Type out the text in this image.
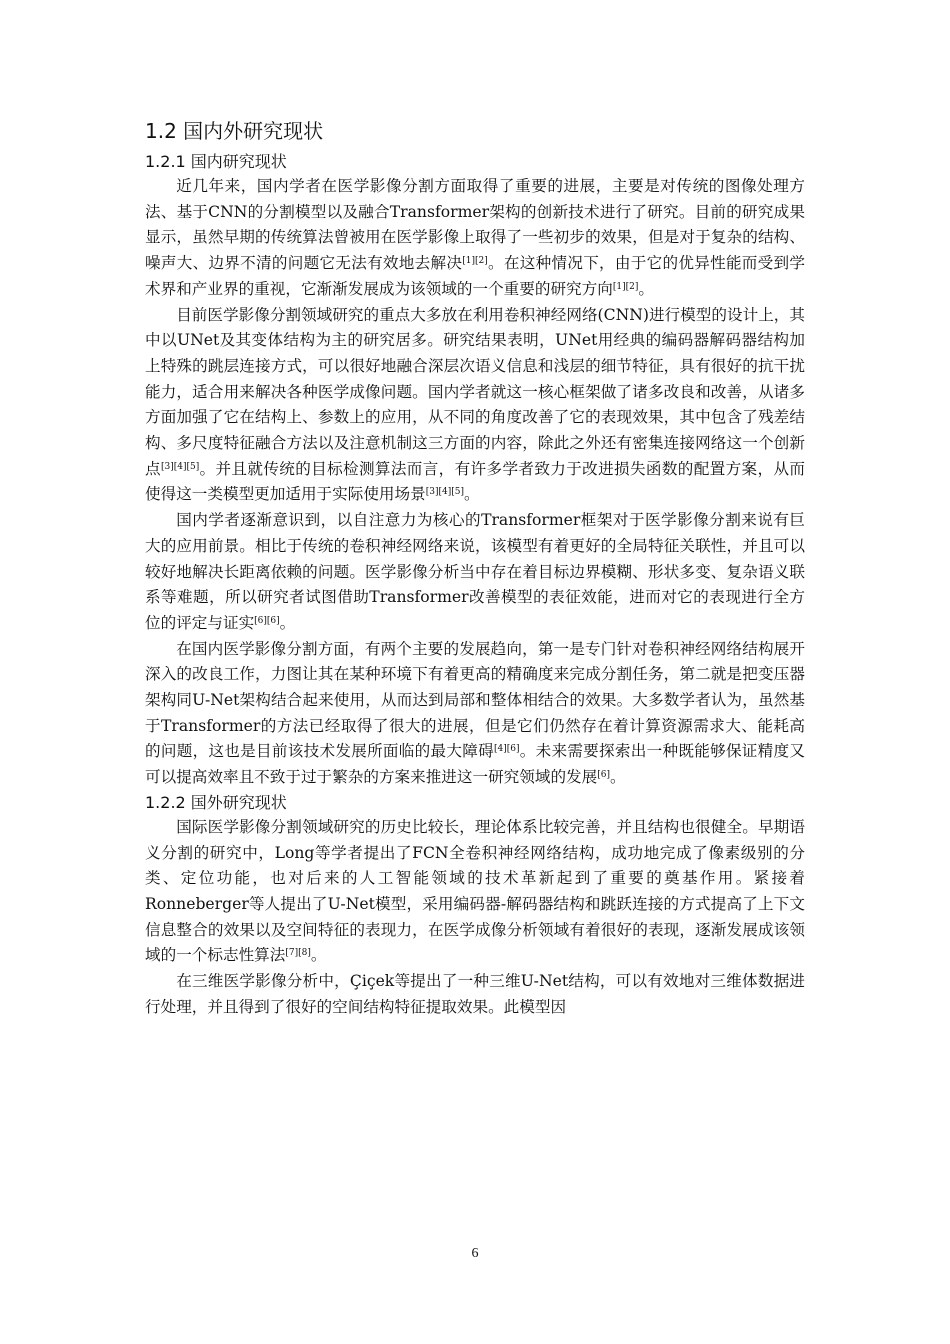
1.2 国内外研究现状
1.2.1 国内研究现状

近几年来，国内学者在医学影像分割方面取得了重要的进展，主要是对传统的图像处理方法、基于CNN的分割模型以及融合Transformer架构的创新技术进行了研究。目前的研究成果显示，虽然早期的传统算法曾被用在医学影像上取得了一些初步的效果，但是对于复杂的结构、噪声大、边界不清的问题它无法有效地去解决[1][2]。在这种情况下，由于它的优异性能而受到学术界和产业界的重视，它渐渐发展成为该领域的一个重要的研究方向[1][2]。

目前医学影像分割领域研究的重点大多放在利用卷积神经网络(CNN)进行模型的设计上，其中以UNet及其变体结构为主的研究居多。研究结果表明，UNet用经典的编码器解码器结构加上特殊的跳层连接方式，可以很好地融合深层次语义信息和浅层的细节特征，具有很好的抗干扰能力，适合用来解决各种医学成像问题。国内学者就这一核心框架做了诸多改良和改善，从诸多方面加强了它在结构上、参数上的应用，从不同的角度改善了它的表现效果，其中包含了残差结构、多尺度特征融合方法以及注意机制这三方面的内容，除此之外还有密集连接网络这一个创新点[3][4][5]。并且就传统的目标检测算法而言，有许多学者致力于改进损失函数的配置方案，从而使得这一类模型更加适用于实际使用场景[3][4][5]。

国内学者逐渐意识到，以自注意力为核心的Transformer框架对于医学影像分割来说有巨大的应用前景。相比于传统的卷积神经网络来说，该模型有着更好的全局特征关联性，并且可以较好地解决长距离依赖的问题。医学影像分析当中存在着目标边界模糊、形状多变、复杂语义联系等难题，所以研究者试图借助Transformer改善模型的表征效能，进而对它的表现进行全方位的评定与证实[6][6]。

在国内医学影像分割方面，有两个主要的发展趋向，第一是专门针对卷积神经网络结构展开深入的改良工作，力图让其在某种环境下有着更高的精确度来完成分割任务，第二就是把变压器架构同U-Net架构结合起来使用，从而达到局部和整体相结合的效果。大多数学者认为，虽然基于Transformer的方法已经取得了很大的进展，但是它们仍然存在着计算资源需求大、能耗高的问题，这也是目前该技术发展所面临的最大障碍[4][6]。未来需要探索出一种既能够保证精度又可以提高效率且不致于过于繁杂的方案来推进这一研究领域的发展[6]。

1.2.2 国外研究现状

国际医学影像分割领域研究的历史比较长，理论体系比较完善，并且结构也很健全。早期语义分割的研究中，Long等学者提出了FCN全卷积神经网络结构，成功地完成了像素级别的分类、定位功能，也对后来的人工智能领域的技术革新起到了重要的奠基作用。紧接着Ronneberger等人提出了U-Net模型，采用编码器-解码器结构和跳跃连接的方式提高了上下文信息整合的效果以及空间特征的表现力，在医学成像分析领域有着很好的表现，逐渐发展成该领域的一个标志性算法[7][8]。

在三维医学影像分析中，Çiçek等提出了一种三维U-Net结构，可以有效地对三维体数据进行处理，并且得到了很好的空间结构特征提取效果。此模型因

6
